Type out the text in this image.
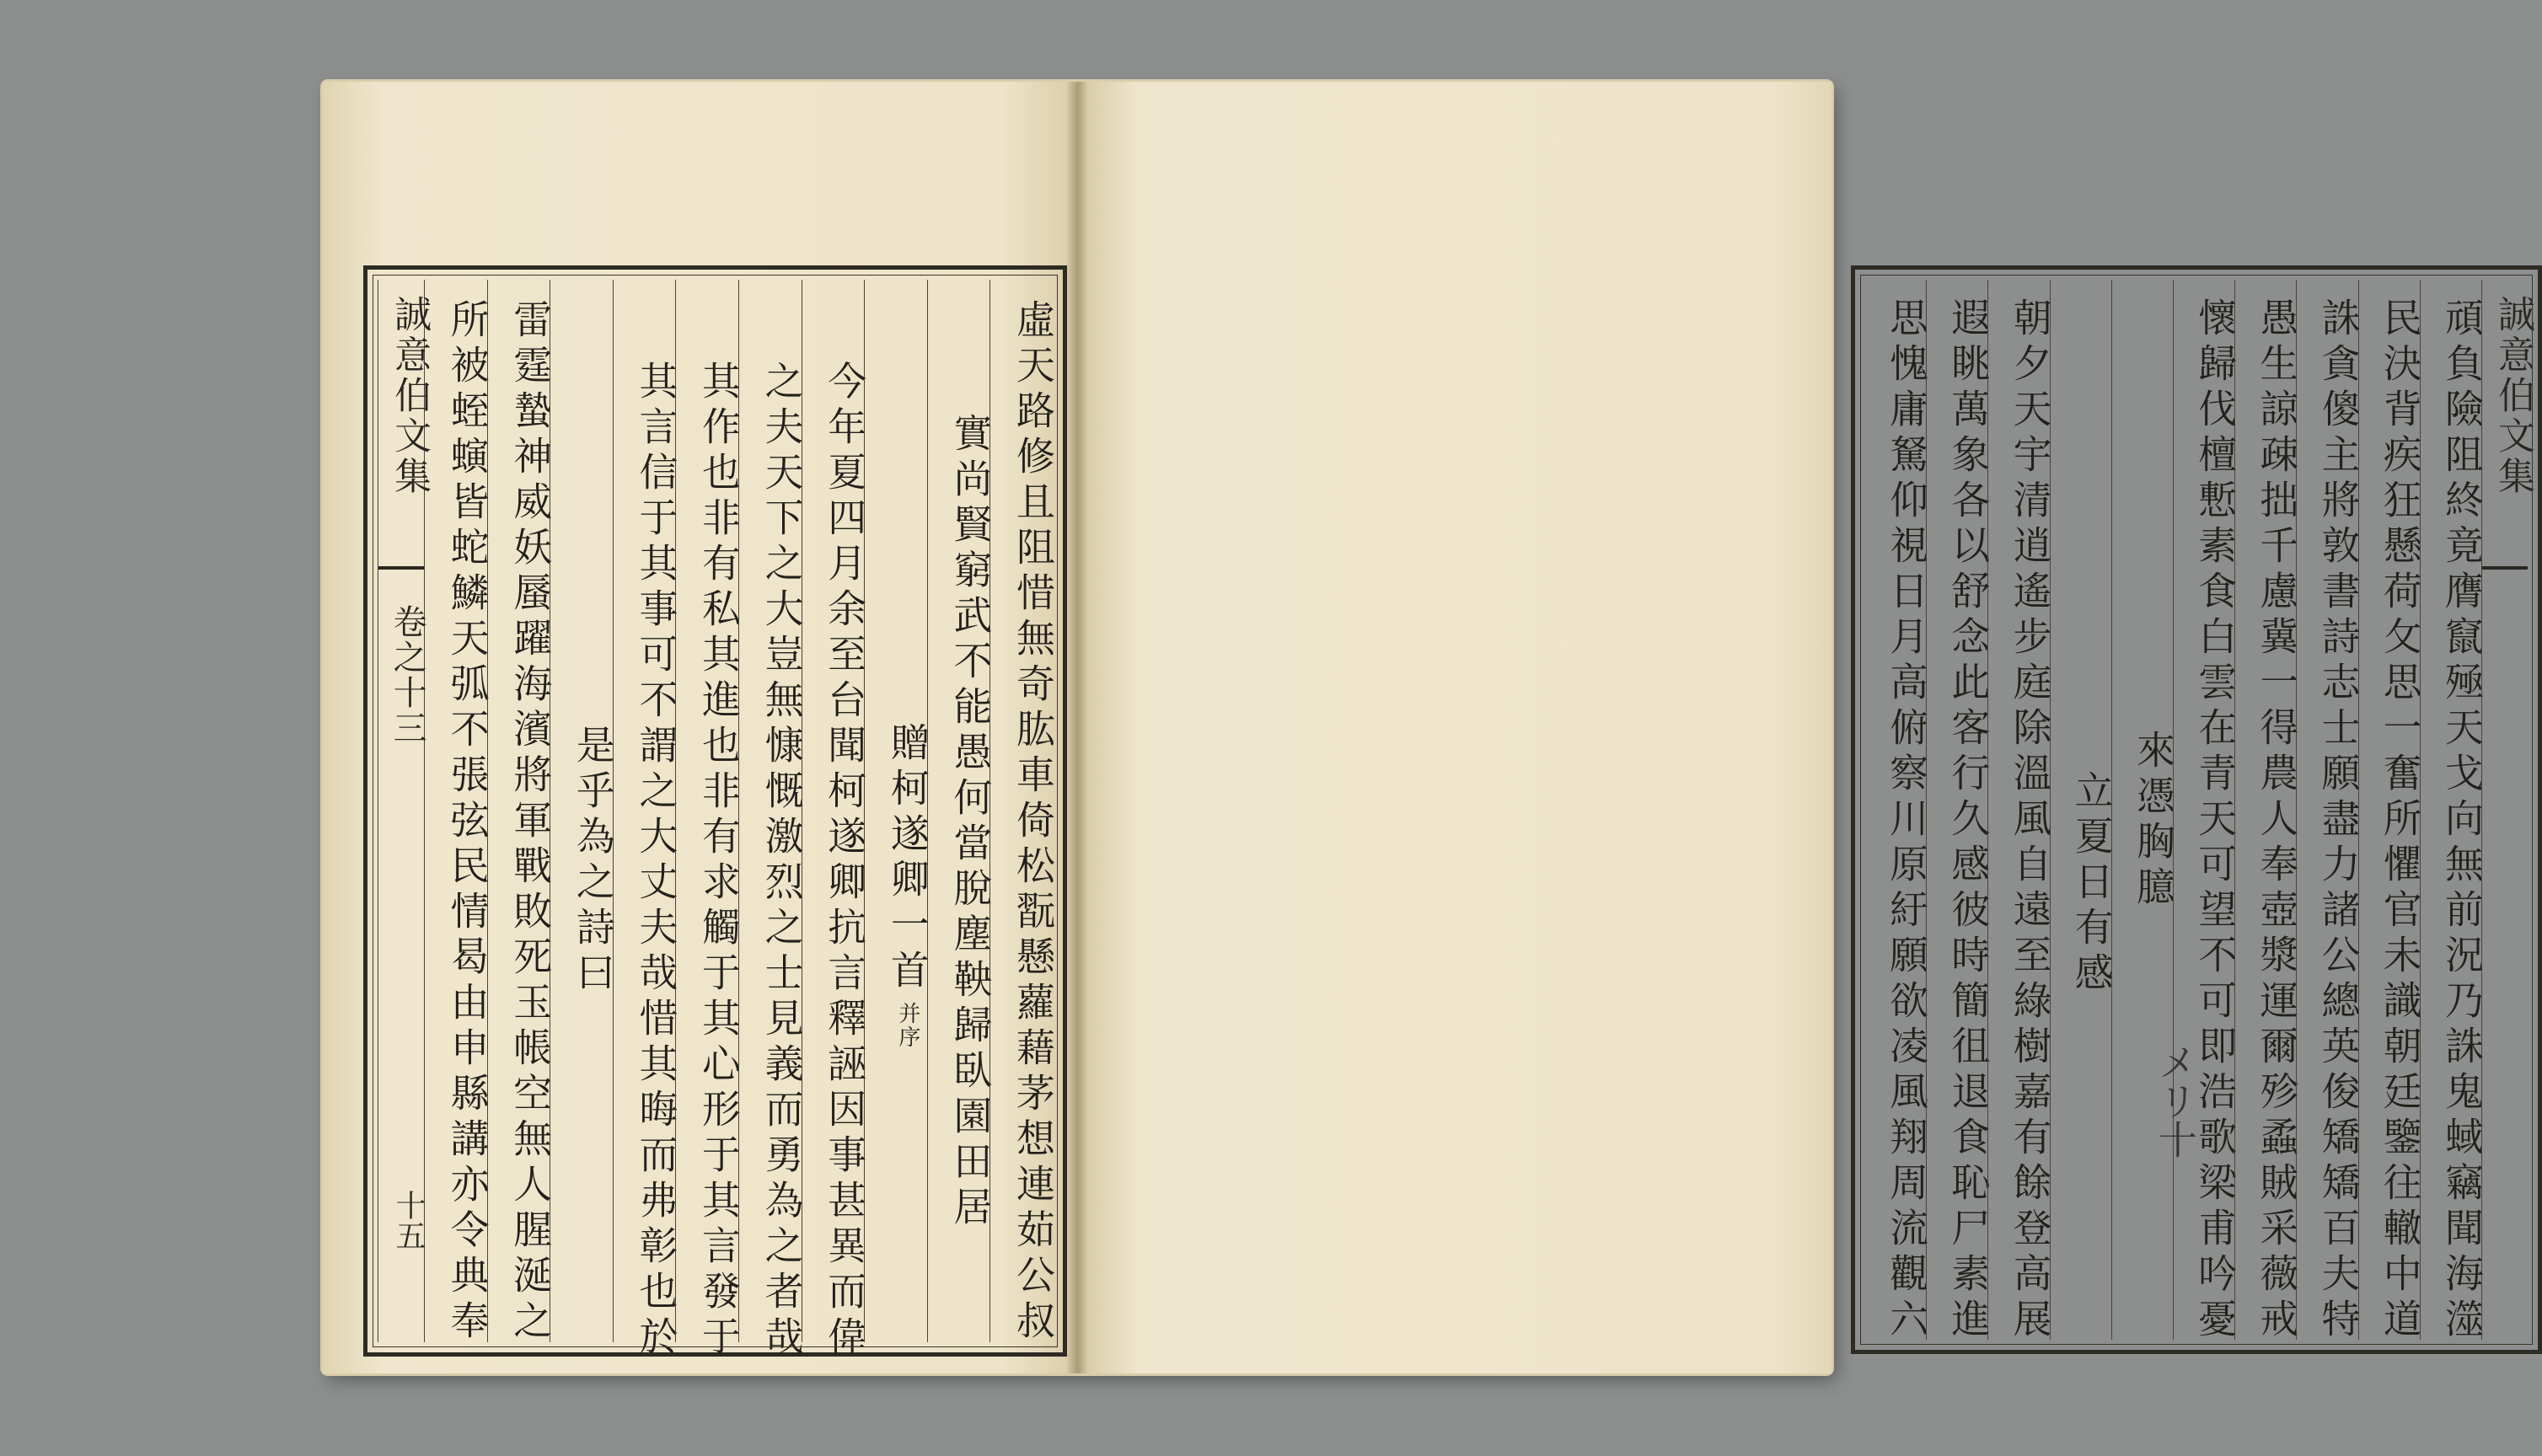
虛天路修且阻惜無奇肱車倚松翫懸蘿藉茅想連茹公叔
實尚賢窮武不能愚何當脫塵鞅歸臥園田居
贈柯遂卿一首并序
今年夏四月余至台聞柯遂卿抗言釋誣因事甚異而偉
之夫天下之大豈無慷慨激烈之士見義而勇為之者哉
其作也非有私其進也非有求觸于其心形于其言發于
其言信于其事可不謂之大丈夫哉惜其晦而弗彰也於
是乎為之詩曰
雷霆蟄神威妖蜃躍海濱將軍戰敗死玉帳空無人腥涎之
所被蛭螾皆蛇鱗天弧不張弦民情曷由申縣講亦令典奉
誠意伯文集
卷之十三
十五
誠意伯文集
頑負險阻終竟膺竄殛天戈向無前況乃誅鬼蜮竊聞海澨
民決背疾狂懸荷攵思一奮所懼官未識朝廷鑒往轍中道
誅貪傻主將敦書詩志士願盡力諸公總英俊矯矯百夫特
愚生諒疎拙千慮冀一得農人奉壺漿運爾殄蟊賊采薇戒
懷歸伐檀慙素食白雲在青天可望不可即浩歌梁甫吟憂
來憑胸臆
立夏日有感
朝夕天宇清逍遙步庭除溫風自遠至綠樹嘉有餘登高展
遐眺萬象各以舒念此客行久感彼時簡徂退食恥尸素進
思愧庸駑仰視日月高俯察川原紆願欲凌風翔周流觀六	メリ十
